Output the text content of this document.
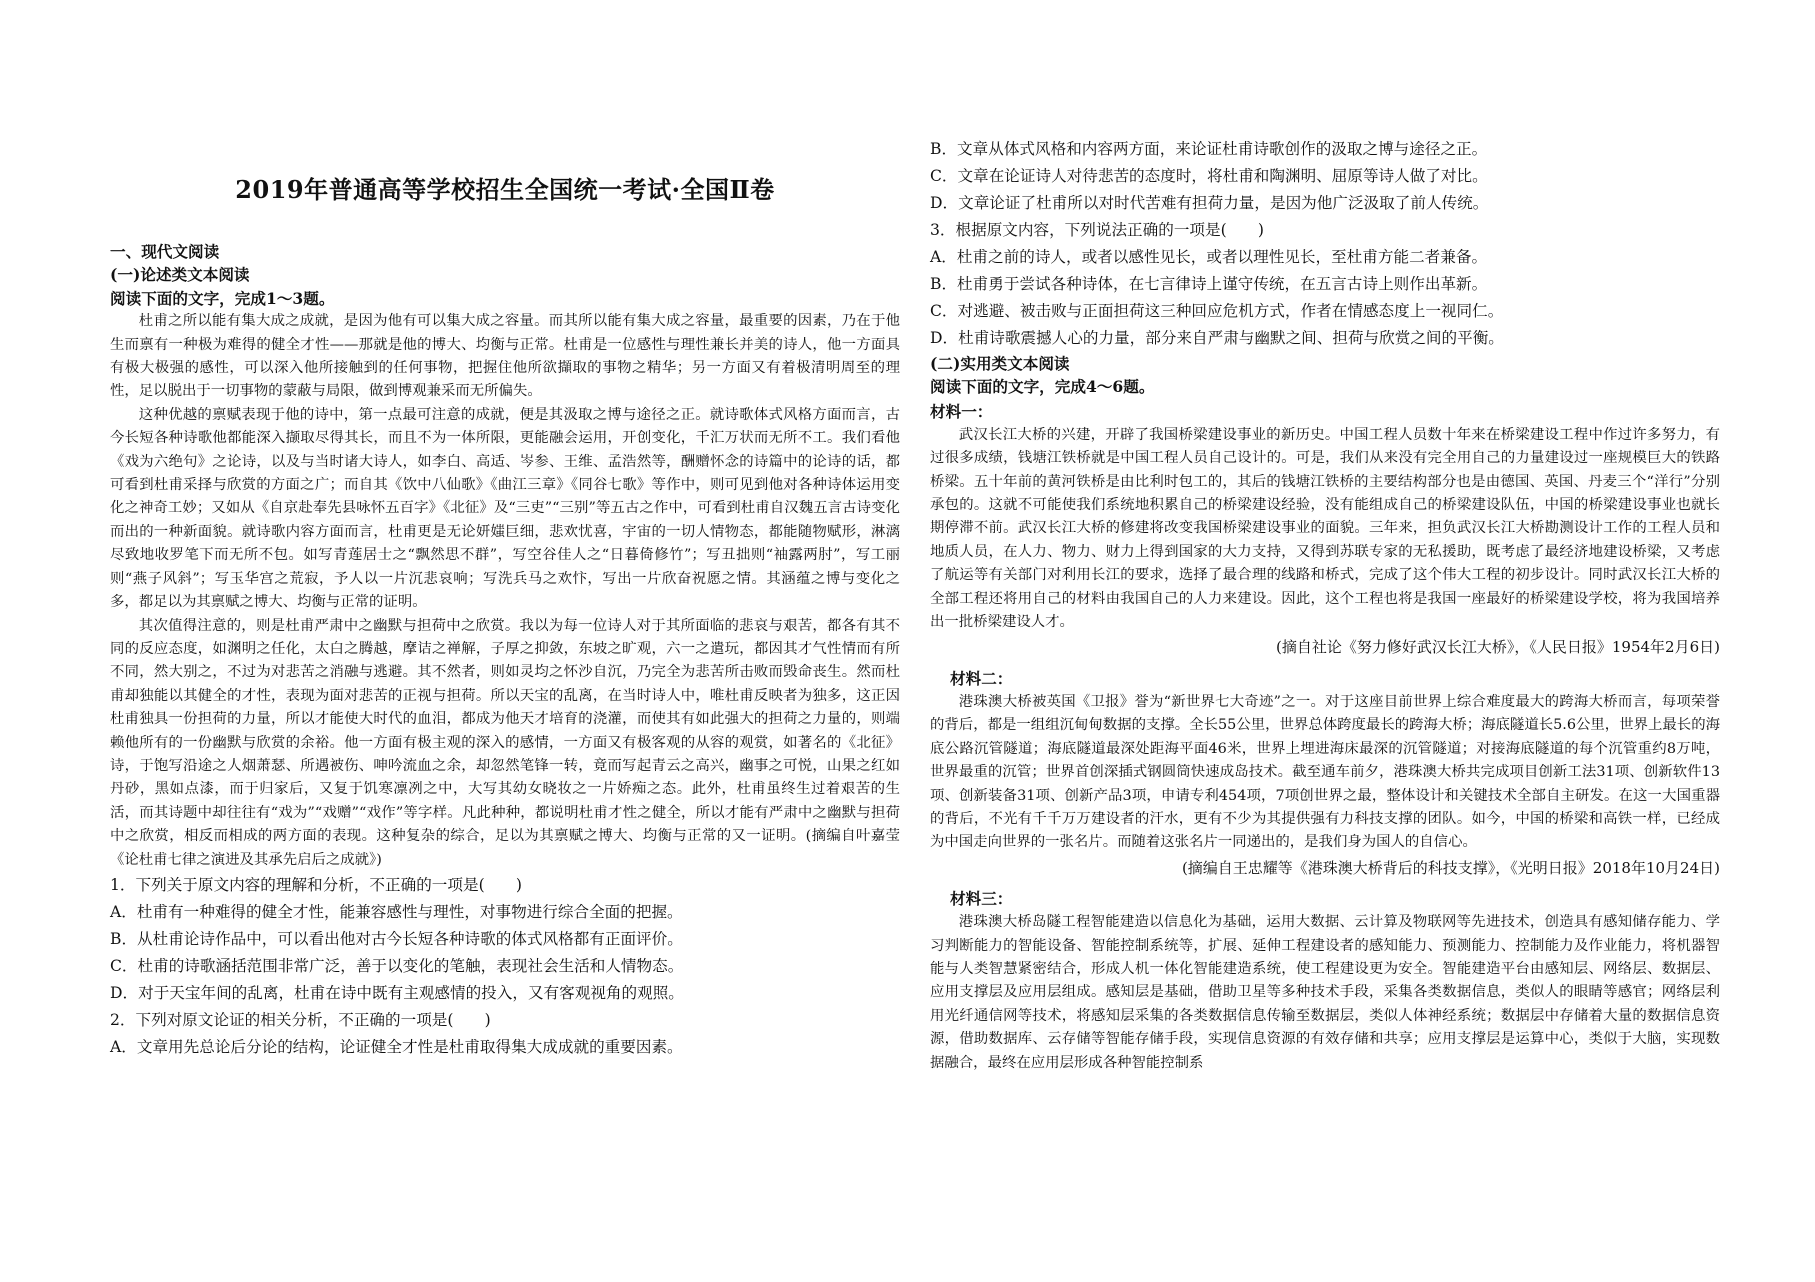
2019年普通高等学校招生全国统一考试·全国Ⅱ卷

一、现代文阅读

(一)论述类文本阅读

阅读下面的文字，完成1～3题。

杜甫之所以能有集大成之成就，是因为他有可以集大成之容量。而其所以能有集大成之容量，最重要的因素，乃在于他生而禀有一种极为难得的健全才性——那就是他的博大、均衡与正常。杜甫是一位感性与理性兼长并美的诗人，他一方面具有极大极强的感性，可以深入他所接触到的任何事物，把握住他所欲擷取的事物之精华；另一方面又有着极清明周至的理性，足以脱出于一切事物的蒙蔽与局限，做到博观兼采而无所偏失。

这种优越的禀赋表现于他的诗中，第一点最可注意的成就，便是其汲取之博与途径之正。就诗歌体式风格方面而言，古今长短各种诗歌他都能深入撷取尽得其长，而且不为一体所限，更能融会运用，开创变化，千汇万状而无所不工。我们看他《戏为六绝句》之论诗，以及与当时诸大诗人，如李白、高适、岑参、王维、孟浩然等，酬赠怀念的诗篇中的论诗的话，都可看到杜甫采择与欣赏的方面之广；而自其《饮中八仙歌》《曲江三章》《同谷七歌》等作中，则可见到他对各种诗体运用变化之神奇工妙；又如从《自京赴奉先县咏怀五百字》《北征》及“三吏”“三别”等五古之作中，可看到杜甫自汉魏五言古诗变化而出的一种新面貌。就诗歌内容方面而言，杜甫更是无论妍媸巨细，悲欢忧喜，宇宙的一切人情物态，都能随物赋形，淋漓尽致地收罗笔下而无所不包。如写青莲居士之“飘然思不群”，写空谷佳人之“日暮倚修竹”；写丑拙则“袖露两肘”，写工丽则“燕子风斜”；写玉华宫之荒寂，予人以一片沉悲哀响；写洗兵马之欢忭，写出一片欣奋祝愿之情。其涵蕴之博与变化之多，都足以为其禀赋之博大、均衡与正常的证明。

其次值得注意的，则是杜甫严肃中之幽默与担荷中之欣赏。我以为每一位诗人对于其所面临的悲哀与艰苦，都各有其不同的反应态度，如渊明之任化，太白之腾越，摩诘之禅解，子厚之抑敛，东坡之旷观，六一之遣玩，都因其才气性情而有所不同，然大别之，不过为对悲苦之消融与逃避。其不然者，则如灵均之怀沙自沉，乃完全为悲苦所击败而毁命丧生。然而杜甫却独能以其健全的才性，表现为面对悲苦的正视与担荷。所以天宝的乱离，在当时诗人中，唯杜甫反映者为独多，这正因杜甫独具一份担荷的力量，所以才能使大时代的血泪，都成为他天才培育的浇灌，而使其有如此强大的担荷之力量的，则端赖他所有的一份幽默与欣赏的余裕。他一方面有极主观的深入的感情，一方面又有极客观的从容的观赏，如著名的《北征》诗，于饱写沿途之人烟萧瑟、所遇被伤、呻吟流血之余，却忽然笔锋一转，竟而写起青云之高兴，幽事之可悦，山果之红如丹砂，黑如点漆，而于归家后，又复于饥寒凛冽之中，大写其幼女晓妆之一片娇痴之态。此外，杜甫虽终生过着艰苦的生活，而其诗题中却往往有“戏为”“戏赠”“戏作”等字样。凡此种种，都说明杜甫才性之健全，所以才能有严肃中之幽默与担荷中之欣赏，相反而相成的两方面的表现。这种复杂的综合，足以为其禀赋之博大、均衡与正常的又一证明。(摘编自叶嘉莹《论杜甫七律之演进及其承先启后之成就》)

1．下列关于原文内容的理解和分析，不正确的一项是(　　)

A．杜甫有一种难得的健全才性，能兼容感性与理性，对事物进行综合全面的把握。

B．从杜甫论诗作品中，可以看出他对古今长短各种诗歌的体式风格都有正面评价。

C．杜甫的诗歌涵括范围非常广泛，善于以变化的笔触，表现社会生活和人情物态。

D．对于天宝年间的乱离，杜甫在诗中既有主观感情的投入，又有客观视角的观照。

2．下列对原文论证的相关分析，不正确的一项是(　　)

A．文章用先总论后分论的结构，论证健全才性是杜甫取得集大成成就的重要因素。

B．文章从体式风格和内容两方面，来论证杜甫诗歌创作的汲取之博与途径之正。

C．文章在论证诗人对待悲苦的态度时，将杜甫和陶渊明、屈原等诗人做了对比。

D．文章论证了杜甫所以对时代苦难有担荷力量，是因为他广泛汲取了前人传统。

3．根据原文内容，下列说法正确的一项是(　　)

A．杜甫之前的诗人，或者以感性见长，或者以理性见长，至杜甫方能二者兼备。

B．杜甫勇于尝试各种诗体，在七言律诗上谨守传统，在五言古诗上则作出革新。

C．对逃避、被击败与正面担荷这三种回应危机方式，作者在情感态度上一视同仁。

D．杜甫诗歌震撼人心的力量，部分来自严肃与幽默之间、担荷与欣赏之间的平衡。

(二)实用类文本阅读

阅读下面的文字，完成4～6题。

材料一：

武汉长江大桥的兴建，开辟了我国桥梁建设事业的新历史。中国工程人员数十年来在桥梁建设工程中作过许多努力，有过很多成绩，钱塘江铁桥就是中国工程人员自己设计的。可是，我们从来没有完全用自己的力量建设过一座规模巨大的铁路桥梁。五十年前的黄河铁桥是由比利时包工的，其后的钱塘江铁桥的主要结构部分也是由德国、英国、丹麦三个“洋行”分别承包的。这就不可能使我们系统地积累自己的桥梁建设经验，没有能组成自己的桥梁建设队伍，中国的桥梁建设事业也就长期停滞不前。武汉长江大桥的修建将改变我国桥梁建设事业的面貌。三年来，担负武汉长江大桥勘测设计工作的工程人员和地质人员，在人力、物力、财力上得到国家的大力支持，又得到苏联专家的无私援助，既考虑了最经济地建设桥梁，又考虑了航运等有关部门对利用长江的要求，选择了最合理的线路和桥式，完成了这个伟大工程的初步设计。同时武汉长江大桥的全部工程还将用自己的材料由我国自己的人力来建设。因此，这个工程也将是我国一座最好的桥梁建设学校，将为我国培养出一批桥梁建设人才。

(摘自社论《努力修好武汉长江大桥》，《人民日报》1954年2月6日)

材料二：

港珠澳大桥被英国《卫报》誉为“新世界七大奇迹”之一。对于这座目前世界上综合难度最大的跨海大桥而言，每项荣誉的背后，都是一组组沉甸甸数据的支撑。全长55公里，世界总体跨度最长的跨海大桥；海底隧道长5.6公里，世界上最长的海底公路沉管隧道；海底隧道最深处距海平面46米，世界上埋进海床最深的沉管隧道；对接海底隧道的每个沉管重约8万吨，世界最重的沉管；世界首创深插式钢圆筒快速成岛技术。截至通车前夕，港珠澳大桥共完成项目创新工法31项、创新软件13项、创新装备31项、创新产品3项，申请专利454项，7项创世界之最，整体设计和关键技术全部自主研发。在这一大国重器的背后，不光有千千万万建设者的汗水，更有不少为其提供强有力科技支撑的团队。如今，中国的桥梁和高铁一样，已经成为中国走向世界的一张名片。而随着这张名片一同递出的，是我们身为国人的自信心。

(摘编自王忠耀等《港珠澳大桥背后的科技支撑》，《光明日报》2018年10月24日)

材料三：

港珠澳大桥岛隧工程智能建造以信息化为基础，运用大数据、云计算及物联网等先进技术，创造具有感知储存能力、学习判断能力的智能设备、智能控制系统等，扩展、延伸工程建设者的感知能力、预测能力、控制能力及作业能力，将机器智能与人类智慧紧密结合，形成人机一体化智能建造系统，使工程建设更为安全。智能建造平台由感知层、网络层、数据层、应用支撑层及应用层组成。感知层是基础，借助卫星等多种技术手段，采集各类数据信息，类似人的眼睛等感官；网络层利用光纤通信网等技术，将感知层采集的各类数据信息传输至数据层，类似人体神经系统；数据层中存储着大量的数据信息资源，借助数据库、云存储等智能存储手段，实现信息资源的有效存储和共享；应用支撑层是运算中心，类似于大脑，实现数据融合，最终在应用层形成各种智能控制系
